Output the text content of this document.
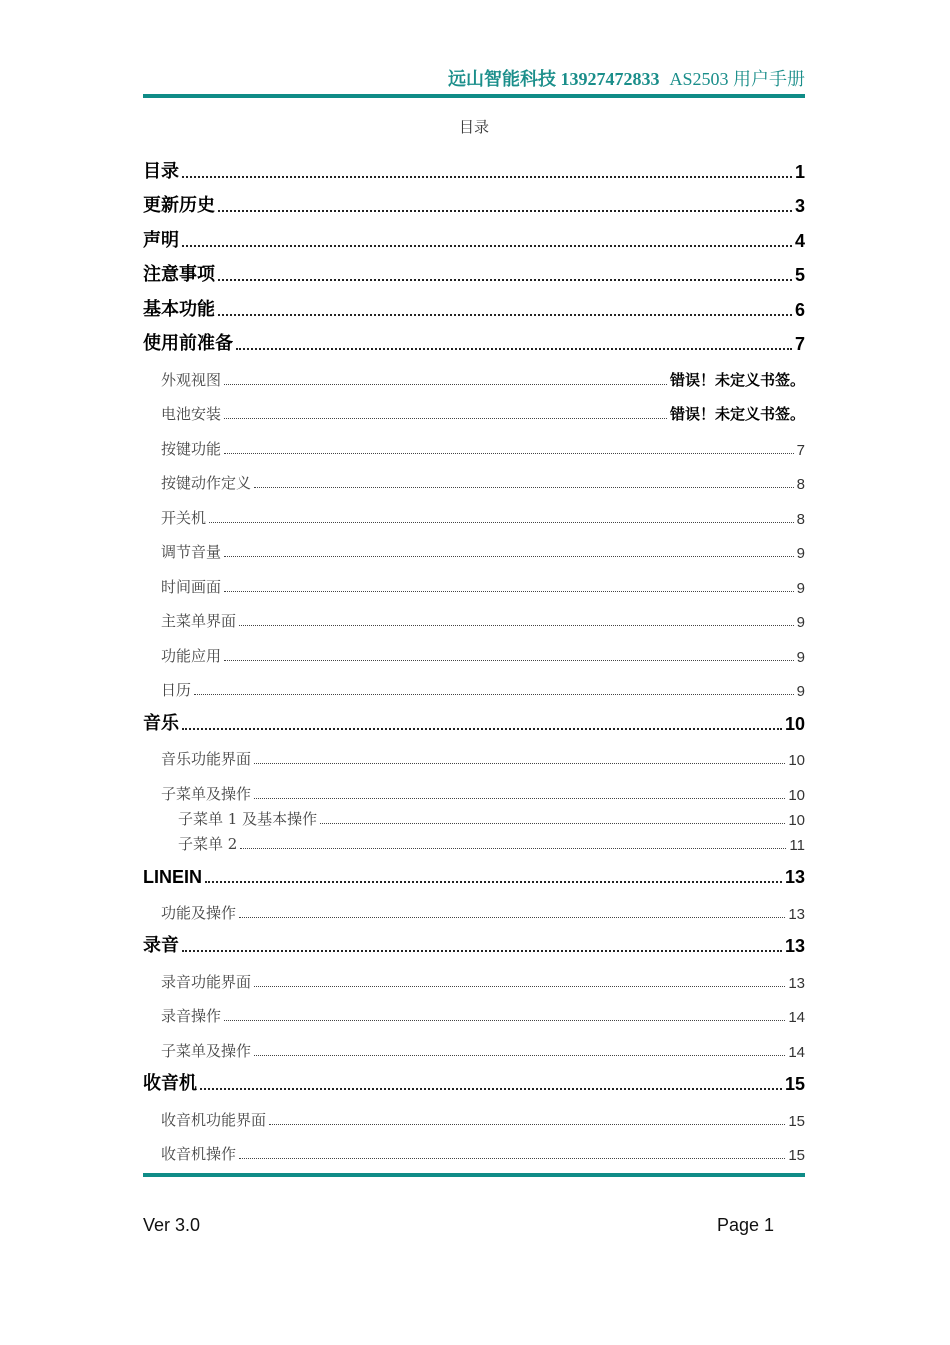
远山智能科技 13927472833 AS2503 用户手册
目录
目录	1
更新历史	3
声明	4
注意事项	5
基本功能	6
使用前准备	7
外观视图	错误！未定义书签。
电池安装	错误！未定义书签。
按键功能	7
按键动作定义	8
开关机	8
调节音量	9
时间画面	9
主菜单界面	9
功能应用	9
日历	9
音乐	10
音乐功能界面	10
子菜单及操作	10
子菜单 1 及基本操作	10
子菜单 2	11
LINEIN	13
功能及操作	13
录音	13
录音功能界面	13
录音操作	14
子菜单及操作	14
收音机	15
收音机功能界面	15
收音机操作	15
Ver 3.0	Page 1
